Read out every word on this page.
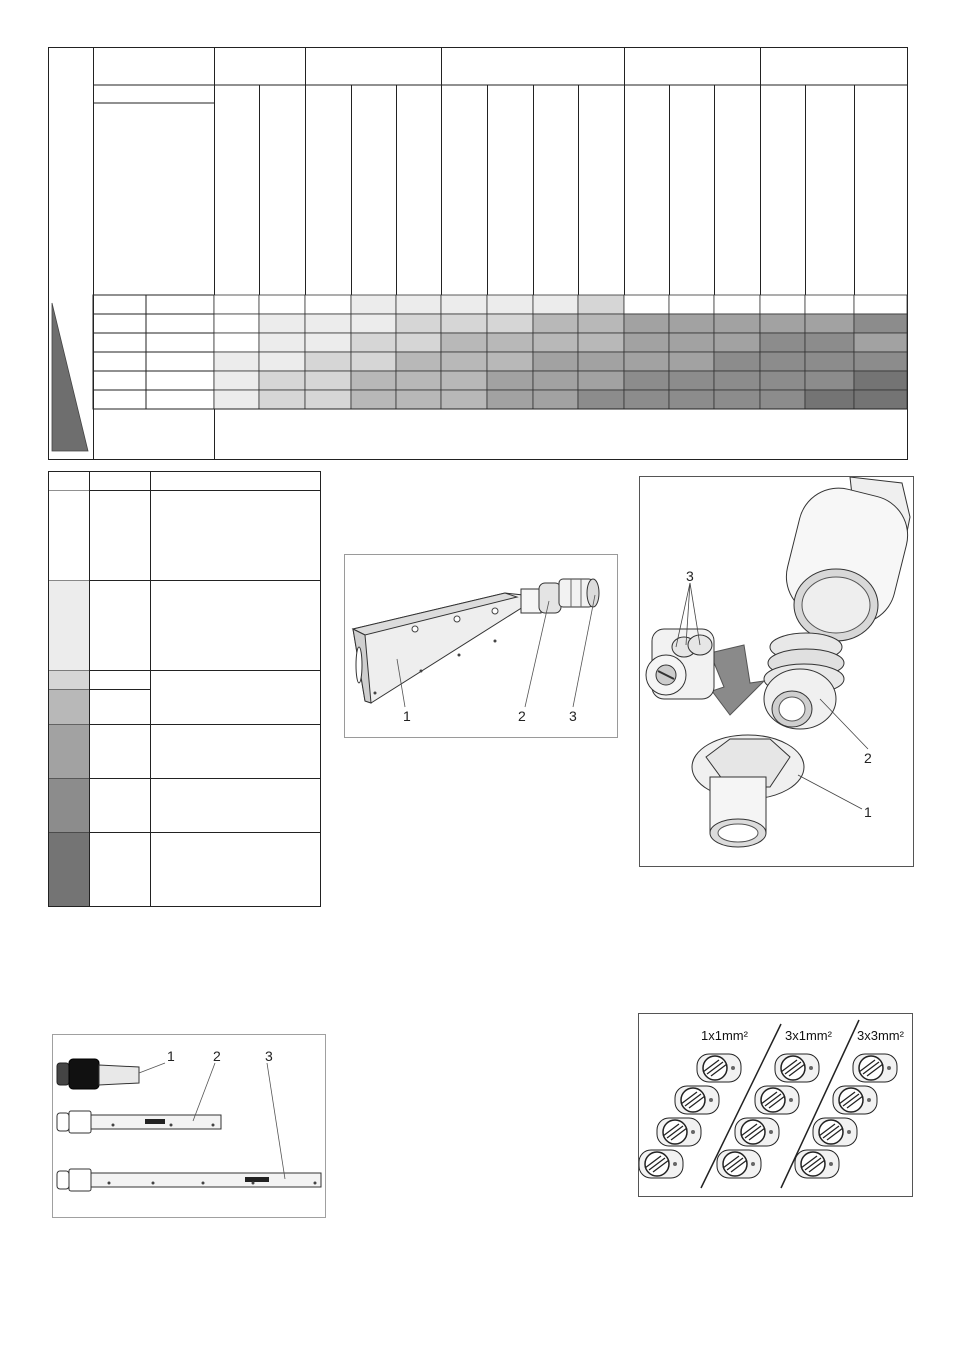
1	2	3
3
2
1
1	2	3
1x1mm²	3x1mm² 3x3mm²
